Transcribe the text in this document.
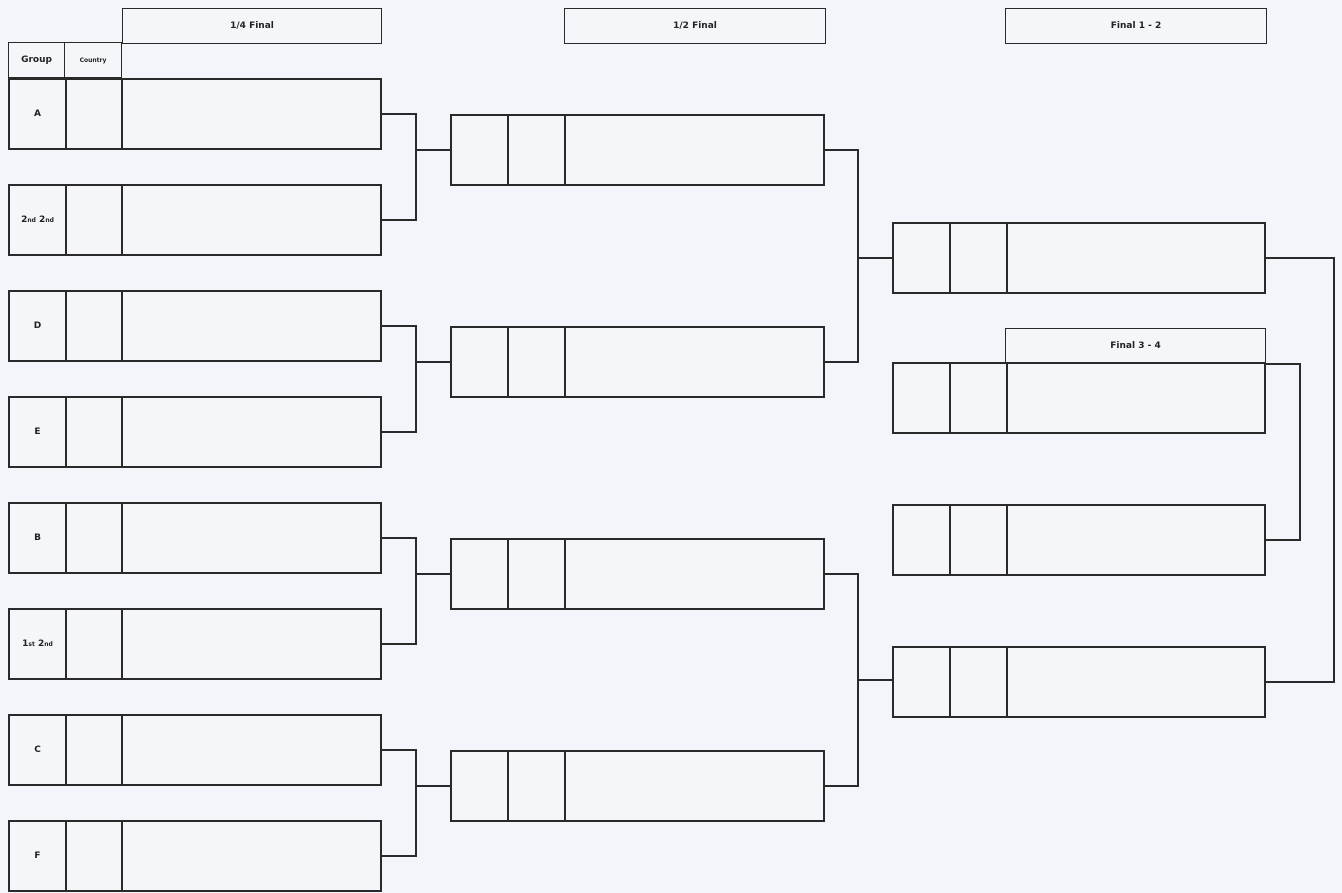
1/4 Final	1/2 Final	Final 1 - 2
Group	Country
A
2 nd 2 nd
D
E
B
1 st 2 nd
C
F
Final 3 - 4
